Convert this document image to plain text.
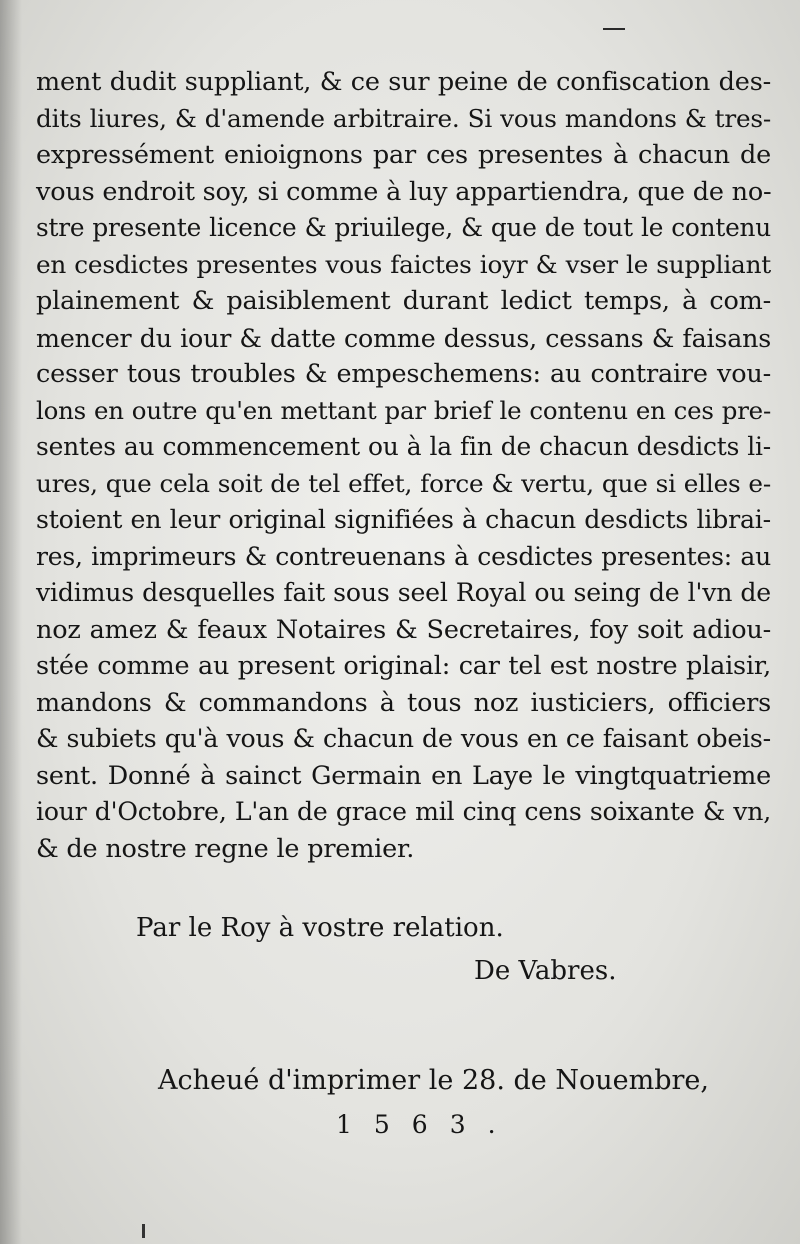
ment dudit suppliant, & ce sur peine de confiscation des-
dits liures, & d'amende arbitraire. Si vous mandons & tres-
expressément enioignons par ces presentes à chacun de
vous endroit soy, si comme à luy appartiendra, que de no-
stre presente licence & priuilege, & que de tout le contenu
en cesdictes presentes vous faictes ioyr & vser le suppliant
plainement & paisiblement durant ledict temps, à com-
mencer du iour & datte comme dessus, cessans & faisans
cesser tous troubles & empeschemens: au contraire vou-
lons en outre qu'en mettant par brief le contenu en ces pre-
sentes au commencement ou à la fin de chacun desdicts li-
ures, que cela soit de tel effet, force & vertu, que si elles e-
stoient en leur original signifiées à chacun desdicts librai-
res, imprimeurs & contreuenans à cesdictes presentes: au
vidimus desquelles fait sous seel Royal ou seing de l'vn de
noz amez & feaux Notaires & Secretaires, foy soit adiou-
stée comme au present original: car tel est nostre plaisir,
mandons & commandons à tous noz iusticiers, officiers
& subiets qu'à vous & chacun de vous en ce faisant obeis-
sent. Donné à sainct Germain en Laye le vingtquatrieme
iour d'Octobre, L'an de grace mil cinq cens soixante & vn,
& de nostre regne le premier.
Par le Roy à vostre relation.
De Vabres.
Acheué d'imprimer le 28. de Nouembre,
1563.
